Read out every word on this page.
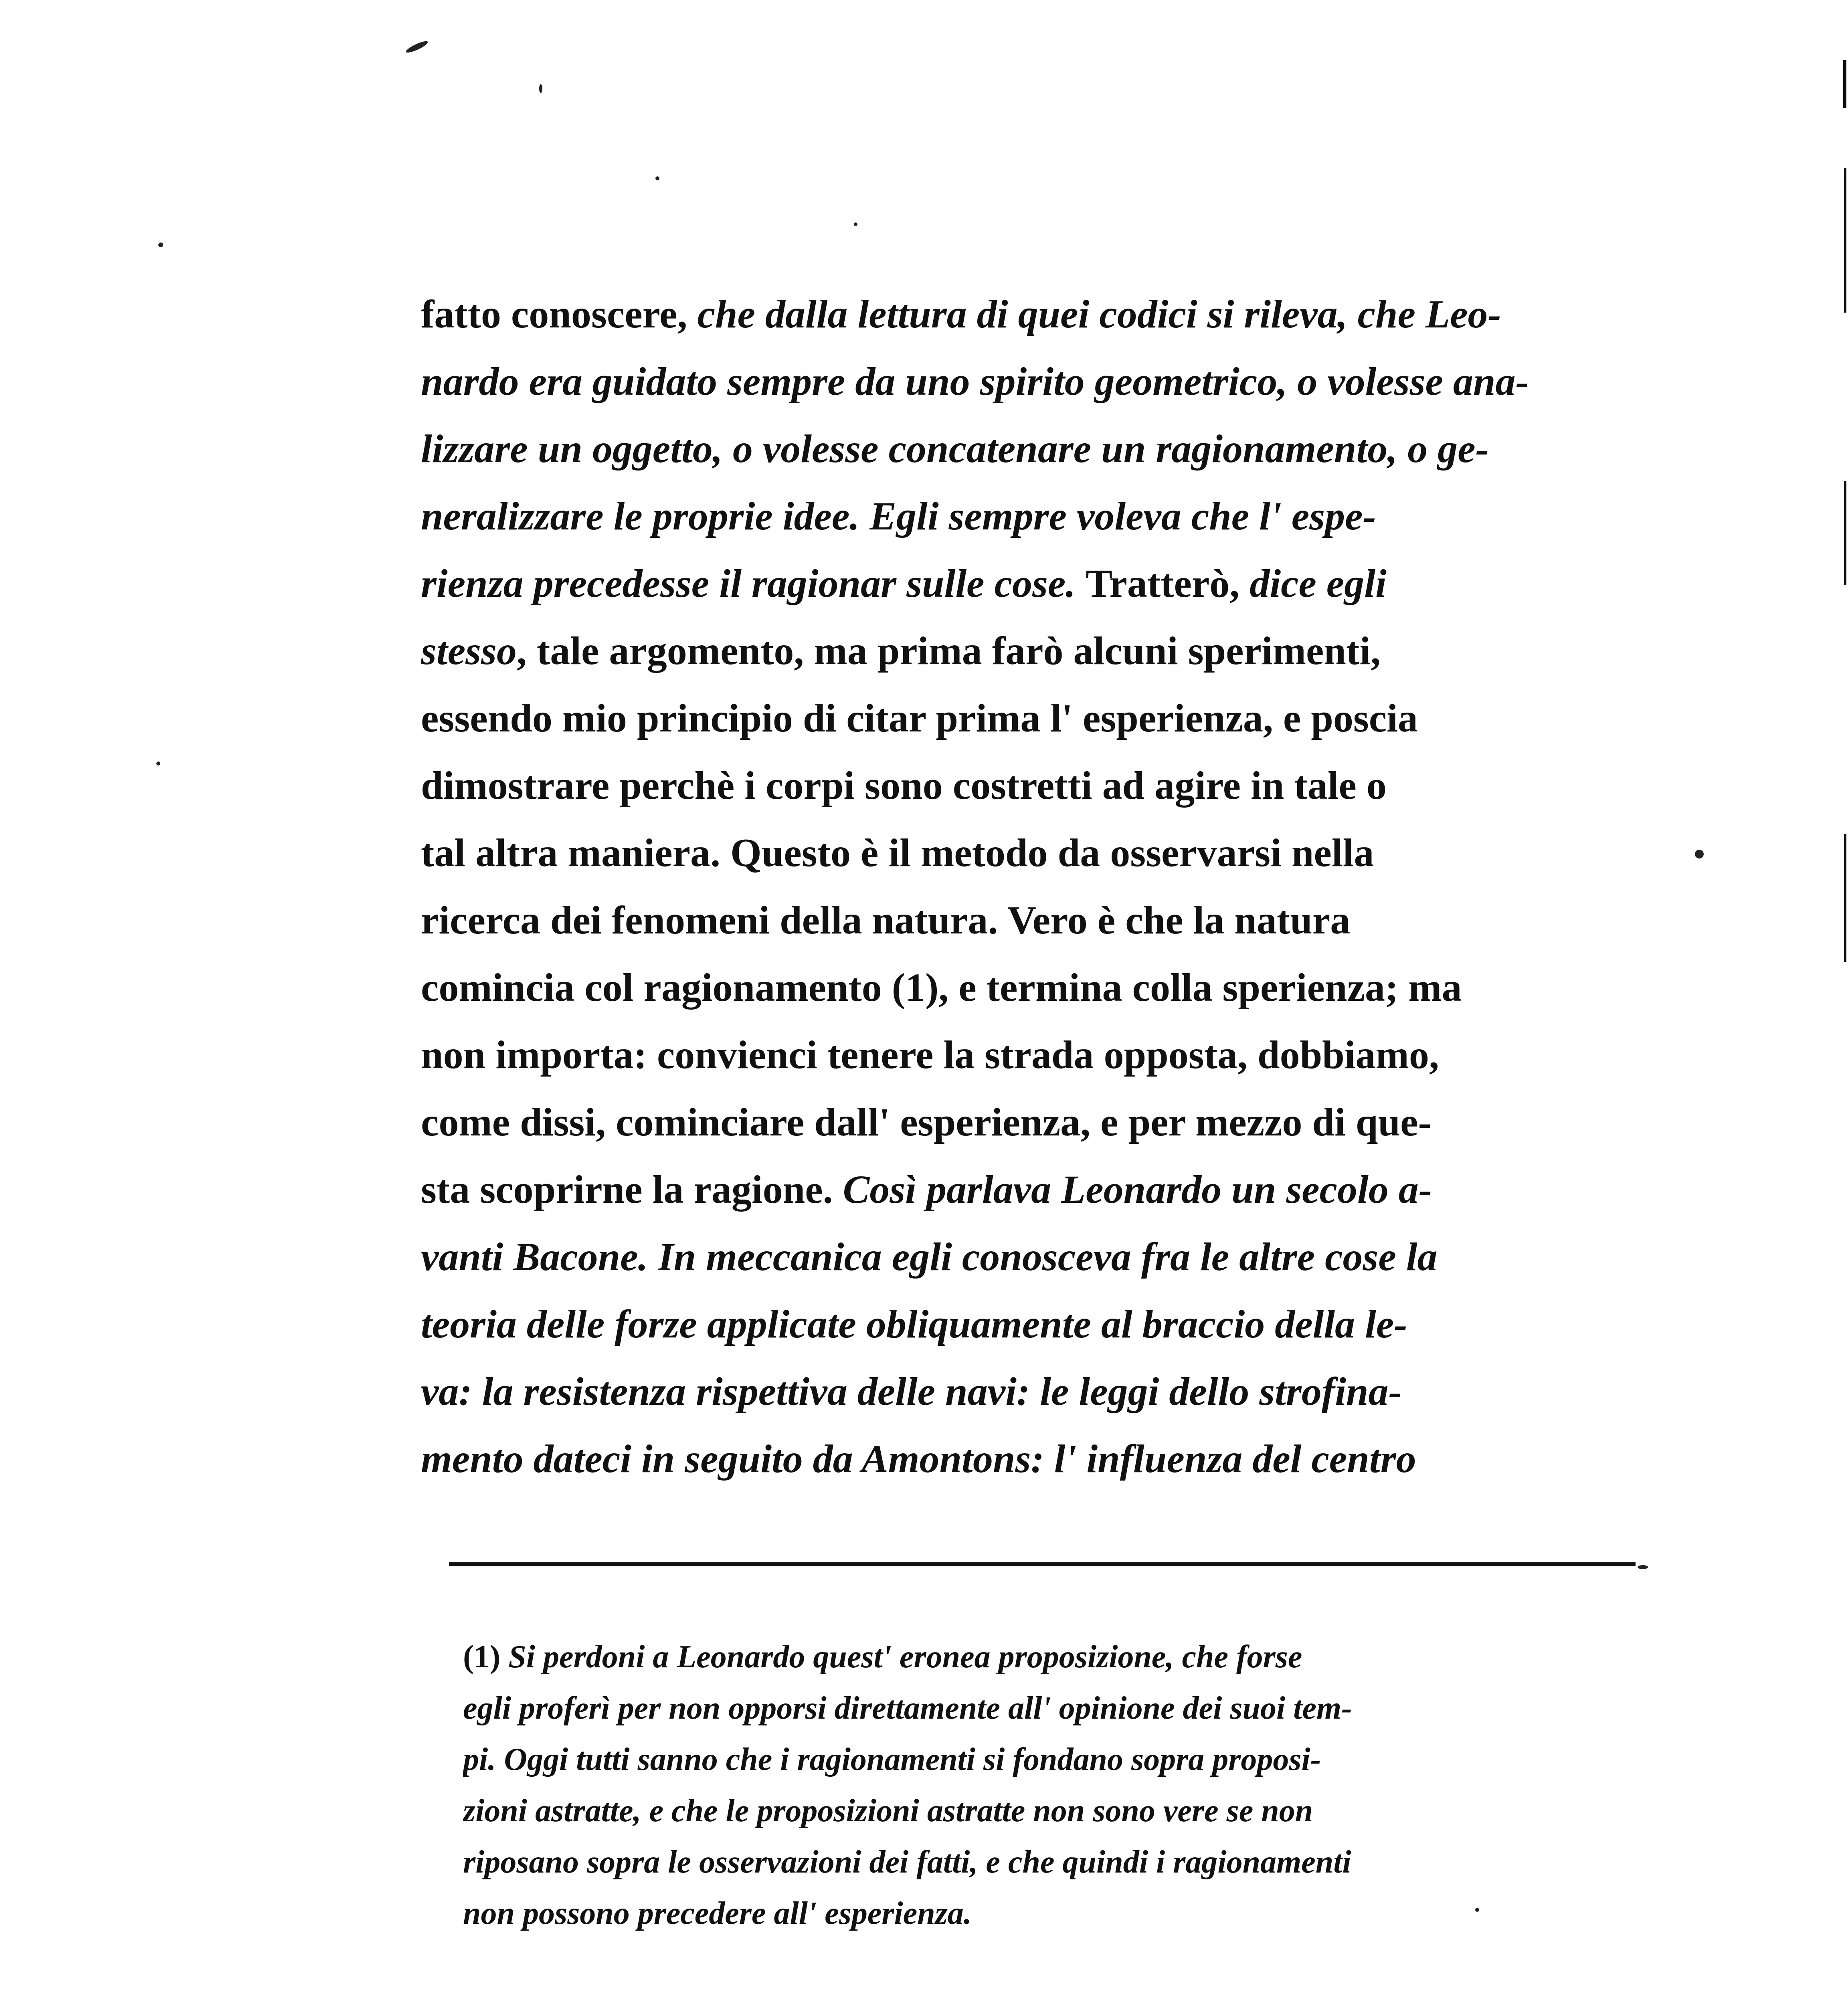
fatto conoscere, che dalla lettura di quei codici si rileva, che Leo-
nardo era guidato sempre da uno spirito geometrico, o volesse ana-
lizzare un oggetto, o volesse concatenare un ragionamento, o ge-
neralizzare le proprie idee. Egli sempre voleva che l' espe-
rienza precedesse il ragionar sulle cose. Tratterò, dice egli
stesso, tale argomento, ma prima farò alcuni sperimenti,
essendo mio principio di citar prima l' esperienza, e poscia
dimostrare perchè i corpi sono costretti ad agire in tale o
tal altra maniera. Questo è il metodo da osservarsi nella
ricerca dei fenomeni della natura. Vero è che la natura
comincia col ragionamento (1), e termina colla sperienza; ma
non importa: convienci tenere la strada opposta, dobbiamo,
come dissi, cominciare dall' esperienza, e per mezzo di que-
sta scoprirne la ragione. Così parlava Leonardo un secolo a-
vanti Bacone. In meccanica egli conosceva fra le altre cose la
teoria delle forze applicate obliquamente al braccio della le-
va: la resistenza rispettiva delle navi: le leggi dello strofina-
mento dateci in seguito da Amontons: l' influenza del centro
(1) Si perdoni a Leonardo quest' eronea proposizione, che forse
egli proferì per non opporsi direttamente all' opinione dei suoi tem-
pi. Oggi tutti sanno che i ragionamenti si fondano sopra proposi-
zioni astratte, e che le proposizioni astratte non sono vere se non
riposano sopra le osservazioni dei fatti, e che quindi i ragionamenti
non possono precedere all' esperienza.
